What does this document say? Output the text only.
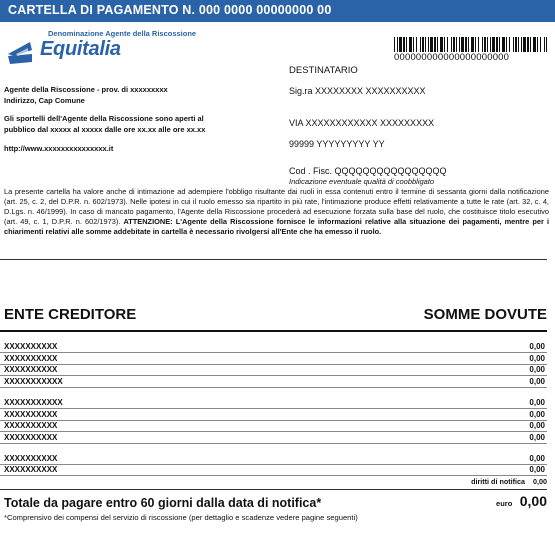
CARTELLA DI PAGAMENTO N. 000 0000 00000000 00
Denominazione Agente della Riscossione
Equitalia	000000000000000000000
Agente della Riscossione - prov. di xxxxxxxxx
Indirizzo, Cap Comune
Gli sportelli dell'Agente della Riscossione sono aperti al
pubblico dal xxxxx al xxxxx dalle ore xx.xx alle ore xx.xx
http://www.xxxxxxxxxxxxxxx.it
DESTINATARIO
Sig.ra XXXXXXXX XXXXXXXXXX
VIA XXXXXXXXXXXX XXXXXXXXX
99999 YYYYYYYYY YY
Cod . Fisc. QQQQQQQQQQQQQQQQ
Indicazione eventuale qualità di coobbligato
La presente cartella ha valore anche di intimazione ad adempiere l'obbligo risultante dai ruoli in essa contenuti entro il termine di sessanta giorni dalla notificazione (art. 25, c. 2, del D.P.R. n. 602/1973). Nelle ipotesi in cui il ruolo emesso sia ripartito in più rate, l'intimazione produce effetti relativamente a tutte le rate (art. 32, c. 4, D.Lgs. n. 46/1999). In caso di mancato pagamento, l'Agente della Riscossione procederà ad esecuzione forzata sulla base del ruolo, che costituisce titolo esecutivo (art. 49, c. 1, D.P.R. n. 602/1973). ATTENZIONE: L'Agente della Riscossione fornisce le informazioni relative alla situazione dei pagamenti, mentre per i chiarimenti relativi alle somme addebitate in cartella è necessario rivolgersi all'Ente che ha emesso il ruolo.
ENTE CREDITORE	SOMME DOVUTE
XXXXXXXXXX	0,00
XXXXXXXXXX	0,00
XXXXXXXXXX	0,00
XXXXXXXXXXX	0,00
XXXXXXXXXXX	0,00
XXXXXXXXXX	0,00
XXXXXXXXXX	0,00
XXXXXXXXXX	0,00
XXXXXXXXXX	0,00
XXXXXXXXXX	0,00
diritti di notifica 0,00
Totale da pagare entro 60 giorni dalla data di notifica*	euro 0,00
*Comprensivo dei compensi del servizio di riscossione (per dettaglio e scadenze vedere pagine seguenti)
